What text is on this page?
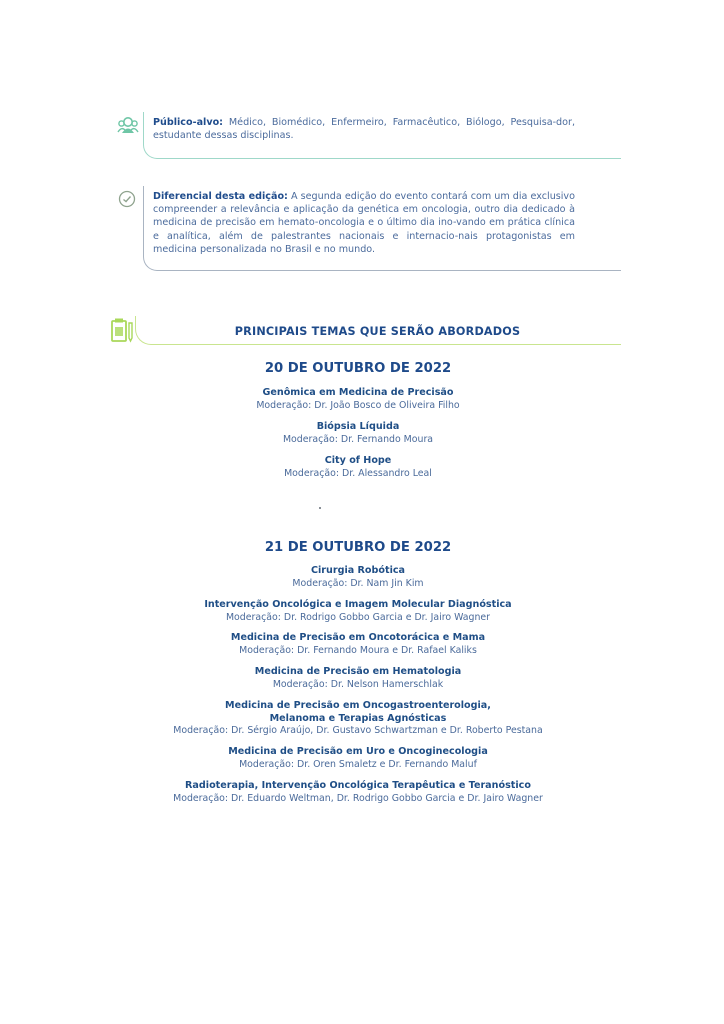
Público-alvo: Médico, Biomédico, Enfermeiro, Farmacêutico, Biólogo, Pesquisa-dor, estudante dessas disciplinas.
Diferencial desta edição: A segunda edição do evento contará com um dia exclusivo compreender a relevância e aplicação da genética em oncologia, outro dia dedicado à medicina de precisão em hemato-oncologia e o último dia ino-vando em prática clínica e analítica, além de palestrantes nacionais e internacio-nais protagonistas em medicina personalizada no Brasil e no mundo.
PRINCIPAIS TEMAS QUE SERÃO ABORDADOS
20 DE OUTUBRO DE 2022
Genômica em Medicina de Precisão
Moderação: Dr. João Bosco de Oliveira Filho
Biópsia Líquida
Moderação: Dr. Fernando Moura
City of Hope
Moderação: Dr. Alessandro Leal
21 DE OUTUBRO DE 2022
Cirurgia Robótica
Moderação: Dr. Nam Jin Kim
Intervenção Oncológica e Imagem Molecular Diagnóstica
Moderação: Dr. Rodrigo Gobbo Garcia e Dr. Jairo Wagner
Medicina de Precisão em Oncotorácica e Mama
Moderação: Dr. Fernando Moura e Dr. Rafael Kaliks
Medicina de Precisão em Hematologia
Moderação: Dr. Nelson Hamerschlak
Medicina de Precisão em Oncogastroenterologia,
Melanoma e Terapias Agnósticas
Moderação: Dr. Sérgio Araújo, Dr. Gustavo Schwartzman e Dr. Roberto Pestana
Medicina de Precisão em Uro e Oncoginecologia
Moderação: Dr. Oren Smaletz e Dr. Fernando Maluf
Radioterapia, Intervenção Oncológica Terapêutica e Teranóstico
Moderação: Dr. Eduardo Weltman, Dr. Rodrigo Gobbo Garcia e Dr. Jairo Wagner
